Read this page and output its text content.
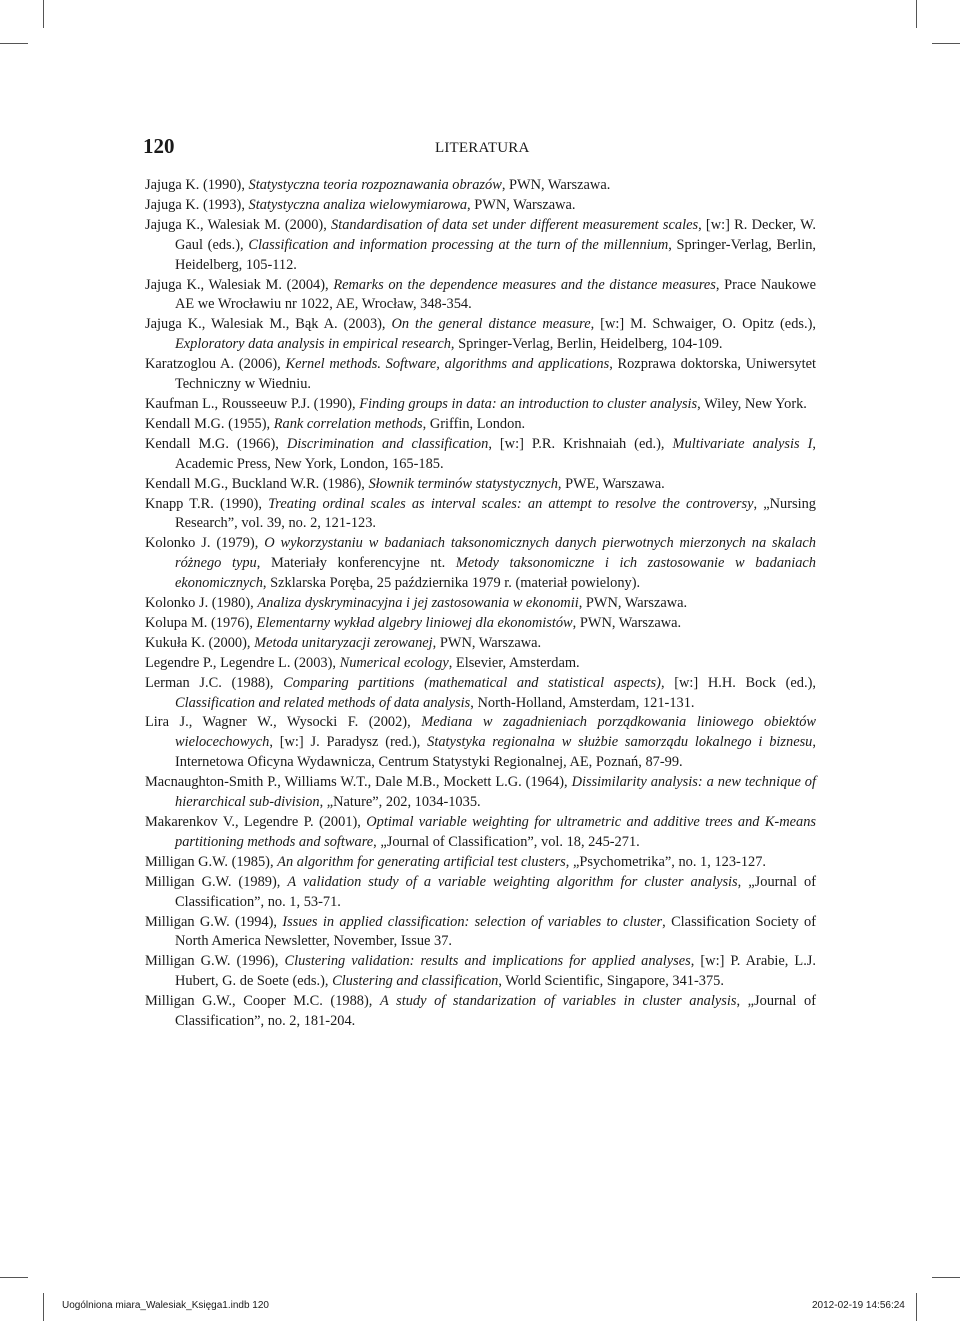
120	LITERATURA
Jajuga K. (1990), Statystyczna teoria rozpoznawania obrazów, PWN, Warszawa.
Jajuga K. (1993), Statystyczna analiza wielowymiarowa, PWN, Warszawa.
Jajuga K., Walesiak M. (2000), Standardisation of data set under different measurement scales, [w:] R. Decker, W. Gaul (eds.), Classification and information processing at the turn of the millennium, Springer-Verlag, Berlin, Heidelberg, 105-112.
Jajuga K., Walesiak M. (2004), Remarks on the dependence measures and the distance measures, Prace Naukowe AE we Wrocławiu nr 1022, AE, Wrocław, 348-354.
Jajuga K., Walesiak M., Bąk A. (2003), On the general distance measure, [w:] M. Schwaiger, O. Opitz (eds.), Exploratory data analysis in empirical research, Springer-Verlag, Berlin, Heidelberg, 104-109.
Karatzoglou A. (2006), Kernel methods. Software, algorithms and applications, Rozprawa doktorska, Uniwersytet Techniczny w Wiedniu.
Kaufman L., Rousseeuw P.J. (1990), Finding groups in data: an introduction to cluster analysis, Wiley, New York.
Kendall M.G. (1955), Rank correlation methods, Griffin, London.
Kendall M.G. (1966), Discrimination and classification, [w:] P.R. Krishnaiah (ed.), Multivariate analysis I, Academic Press, New York, London, 165-185.
Kendall M.G., Buckland W.R. (1986), Słownik terminów statystycznych, PWE, Warszawa.
Knapp T.R. (1990), Treating ordinal scales as interval scales: an attempt to resolve the controversy, „Nursing Research”, vol. 39, no. 2, 121-123.
Kolonko J. (1979), O wykorzystaniu w badaniach taksonomicznych danych pierwotnych mierzonych na skalach różnego typu, Materiały konferencyjne nt. Metody taksonomiczne i ich zastosowanie w badaniach ekonomicznych, Szklarska Poręba, 25 października 1979 r. (materiał powielony).
Kolonko J. (1980), Analiza dyskryminacyjna i jej zastosowania w ekonomii, PWN, Warszawa.
Kolupa M. (1976), Elementarny wykład algebry liniowej dla ekonomistów, PWN, Warszawa.
Kukuła K. (2000), Metoda unitaryzacji zerowanej, PWN, Warszawa.
Legendre P., Legendre L. (2003), Numerical ecology, Elsevier, Amsterdam.
Lerman J.C. (1988), Comparing partitions (mathematical and statistical aspects), [w:] H.H. Bock (ed.), Classification and related methods of data analysis, North-Holland, Amsterdam, 121-131.
Lira J., Wagner W., Wysocki F. (2002), Mediana w zagadnieniach porządkowania liniowego obiektów wielocechowych, [w:] J. Paradysz (red.), Statystyka regionalna w służbie samorządu lokalnego i biznesu, Internetowa Oficyna Wydawnicza, Centrum Statystyki Regionalnej, AE, Poznań, 87-99.
Macnaughton-Smith P., Williams W.T., Dale M.B., Mockett L.G. (1964), Dissimilarity analysis: a new technique of hierarchical sub-division, „Nature”, 202, 1034-1035.
Makarenkov V., Legendre P. (2001), Optimal variable weighting for ultrametric and additive trees and K-means partitioning methods and software, „Journal of Classification”, vol. 18, 245-271.
Milligan G.W. (1985), An algorithm for generating artificial test clusters, „Psychometrika”, no. 1, 123-127.
Milligan G.W. (1989), A validation study of a variable weighting algorithm for cluster analysis, „Journal of Classification”, no. 1, 53-71.
Milligan G.W. (1994), Issues in applied classification: selection of variables to cluster, Classification Society of North America Newsletter, November, Issue 37.
Milligan G.W. (1996), Clustering validation: results and implications for applied analyses, [w:] P. Arabie, L.J. Hubert, G. de Soete (eds.), Clustering and classification, World Scientific, Singapore, 341-375.
Milligan G.W., Cooper M.C. (1988), A study of standarization of variables in cluster analysis, „Journal of Classification”, no. 2, 181-204.
Uogólniona miara_Walesiak_Księga1.indb 120	2012-02-19 14:56:24
